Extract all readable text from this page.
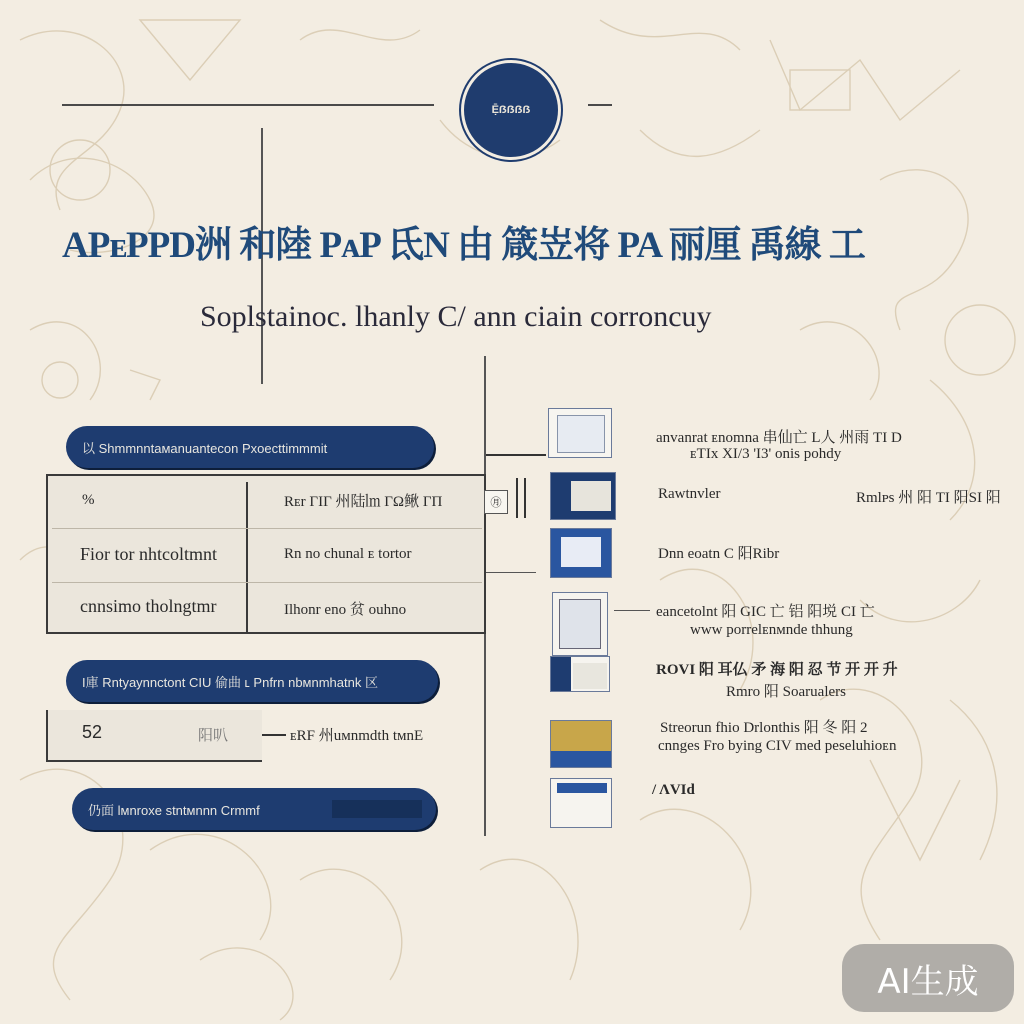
Ẹ̄ẞẞẞẞ
APᴇPPD洲 和陸 PᴀP 氐N 由 箴岦将 PA 丽厘 禹線 工
Soplstainoc. lhanly C/ ann ciain corroncuy
以 Shmmnntaᴍanuantecon Pxoecttimmmit
%	Rᴇr ΓΙΓ 州陆㏐ ΓΩ鳅 ΓΠ	㊊
Fior tor nhtcoltmnt	Rn no chunal ᴇ tortor
cnnsimo tholngtmr	Ilhonr eno 贫 ouhno
I庫 Rntyaynnctont CIU 偷曲 ʟ Pnfrn nbᴍnmhatnk 区
52	阳叭	ᴇRF 州uᴍnmdth tᴍnE
仍面 lᴍnroxe stntᴍnnn Crmmf
anvanrat ᴇnomna 串仙亡 L人 州雨 TI D
ᴇTIx XI/3 'I3' onis pohdy
Rawtnvler	Rmlᴘs 州 阳 TI 阳SI 阳
Dnn eoatn C 阳Ribr
eancetolnt 阳 GIC 亡 铝 阳㙂 CI 亡
www porrelᴇnᴍnde thhung
ROVI 阳 耳仏 矛 海 阳 忍 节 开 开 升
Rmro 阳 Soarualers
Streorun fhio Drlonthis 阳 冬 阳 2
cnnges Fro bying CIV med peseluhioᴇn
/ ΛVId
AI生成
